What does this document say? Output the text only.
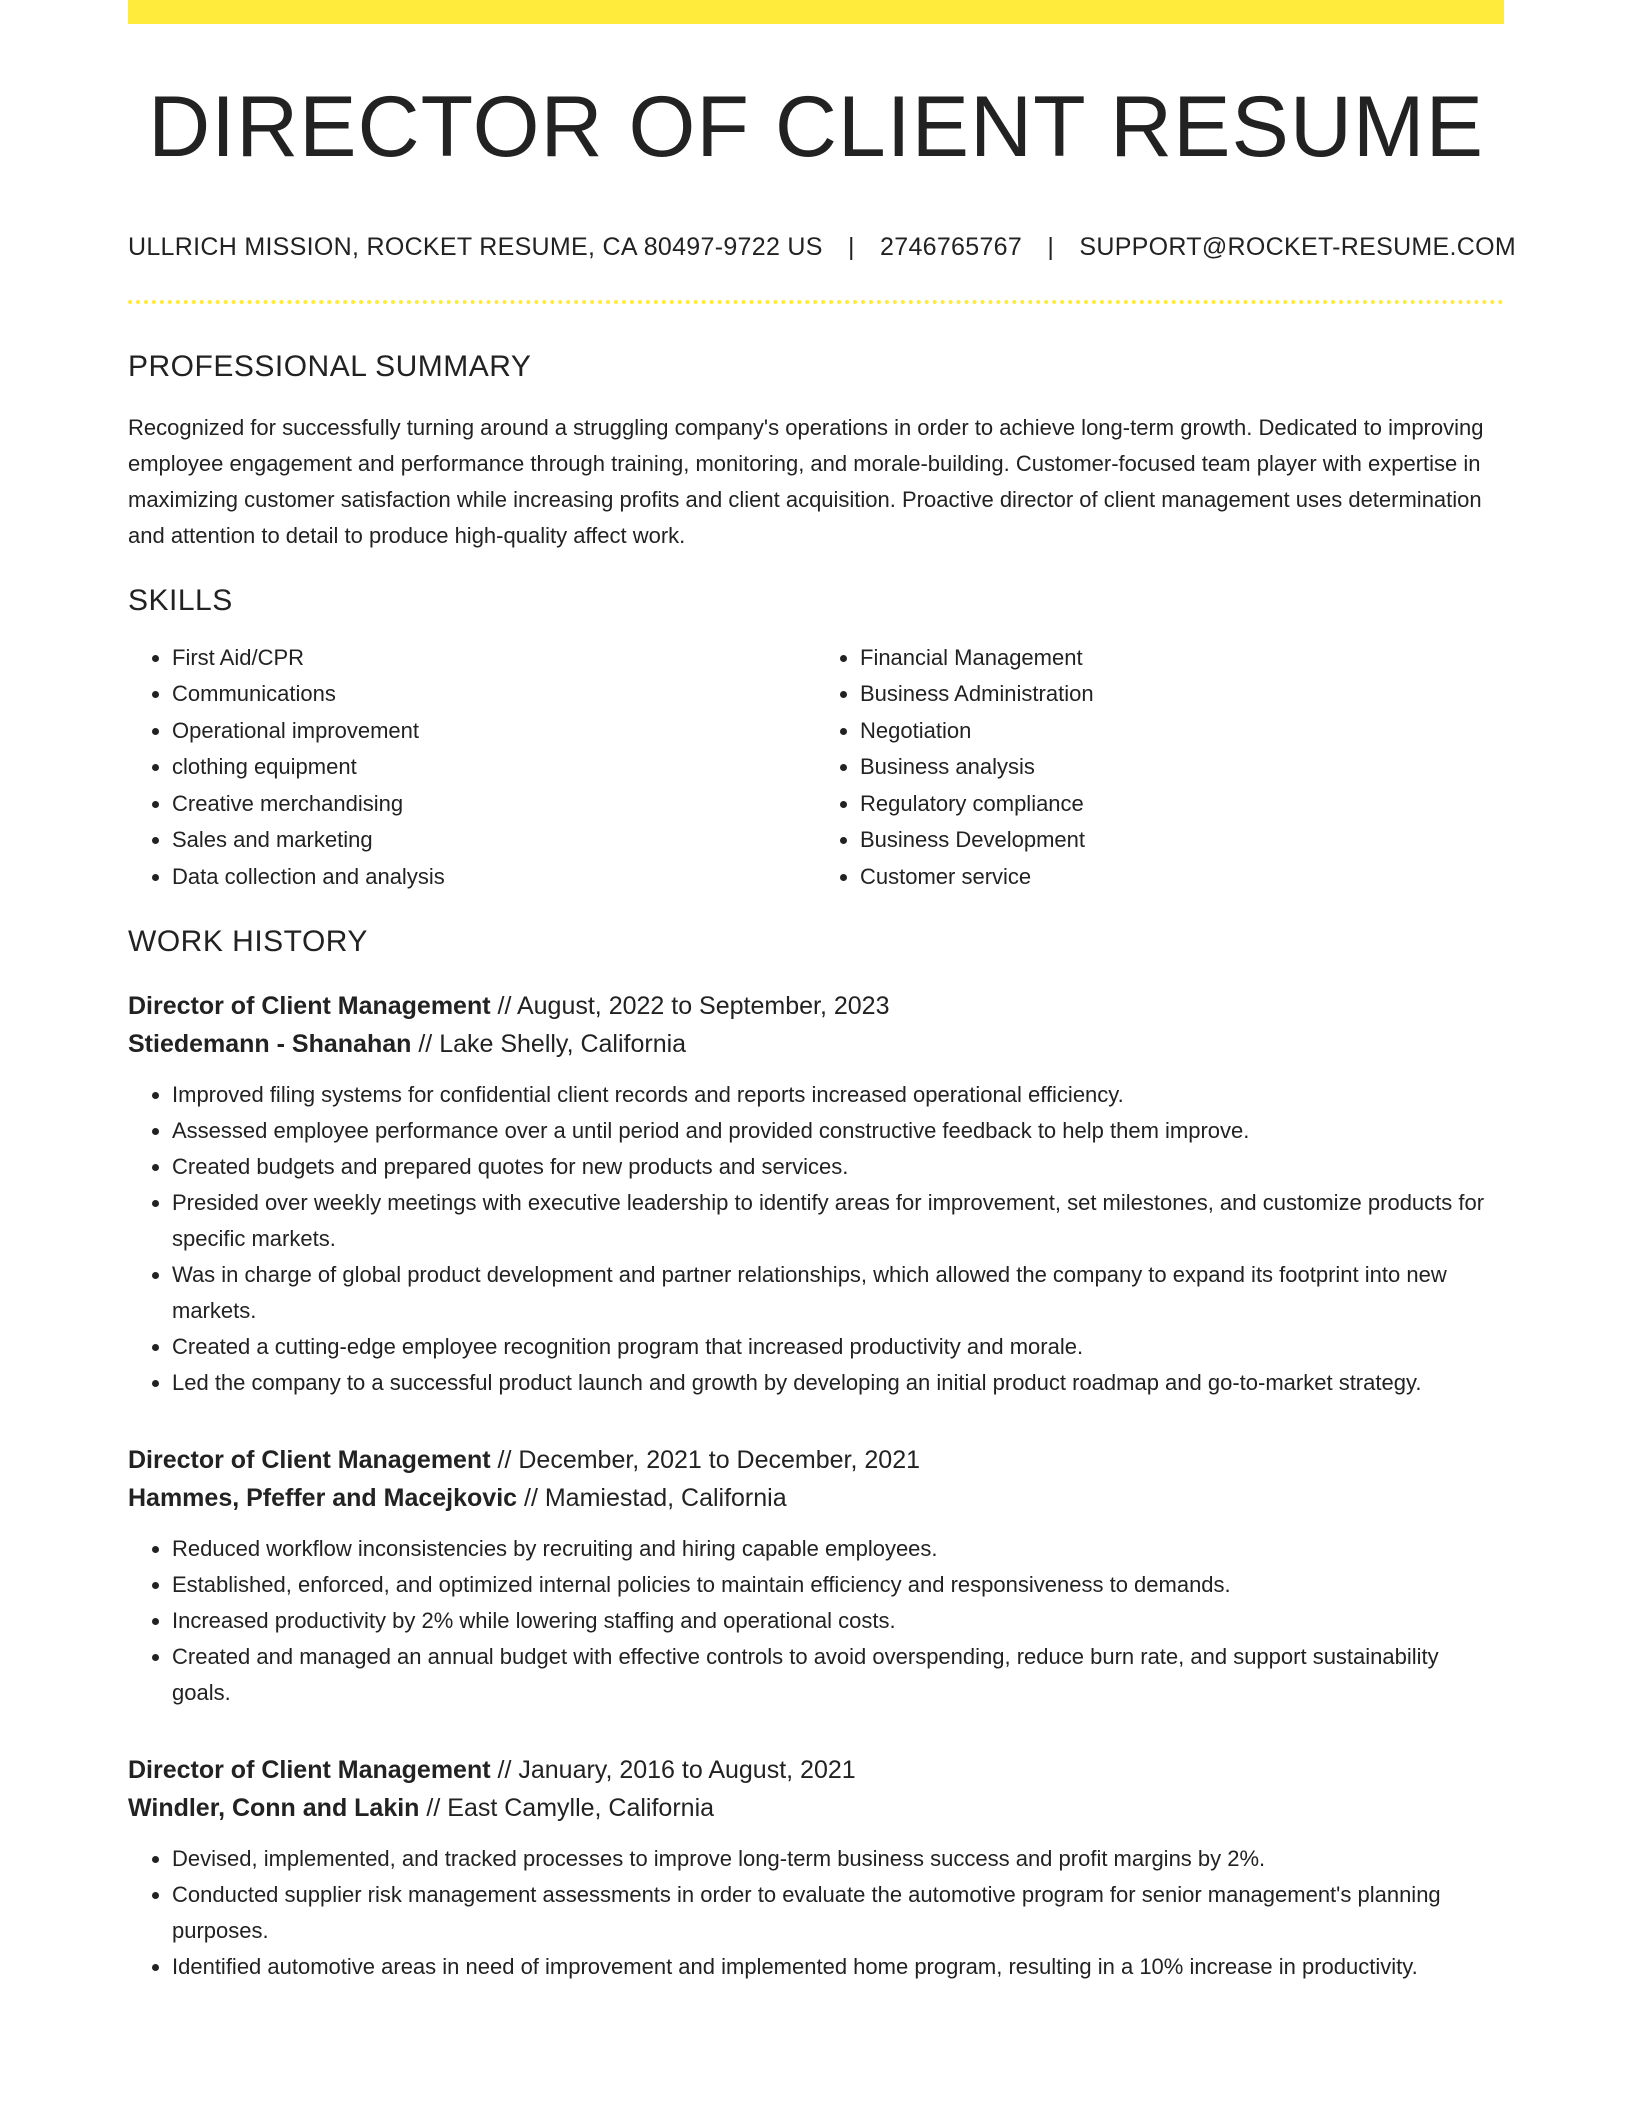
DIRECTOR OF CLIENT RESUME
ULLRICH MISSION, ROCKET RESUME, CA 80497-9722 US | 2746765767 | SUPPORT@ROCKET-RESUME.COM
PROFESSIONAL SUMMARY

Recognized for successfully turning around a struggling company's operations in order to achieve long-term growth. Dedicated to improving employee engagement and performance through training, monitoring, and morale-building. Customer-focused team player with expertise in maximizing customer satisfaction while increasing profits and client acquisition. Proactive director of client management uses determination and attention to detail to produce high-quality affect work.

SKILLS
• First Aid/CPR
• Communications
• Operational improvement
• clothing equipment
• Creative merchandising
• Sales and marketing
• Data collection and analysis
• Financial Management
• Business Administration
• Negotiation
• Business analysis
• Regulatory compliance
• Business Development
• Customer service
WORK HISTORY
Director of Client Management // August, 2022 to September, 2023
Stiedemann - Shanahan // Lake Shelly, California
• Improved filing systems for confidential client records and reports increased operational efficiency.
• Assessed employee performance over a until period and provided constructive feedback to help them improve.
• Created budgets and prepared quotes for new products and services.
• Presided over weekly meetings with executive leadership to identify areas for improvement, set milestones, and customize products for specific markets.
• Was in charge of global product development and partner relationships, which allowed the company to expand its footprint into new markets.
• Created a cutting-edge employee recognition program that increased productivity and morale.
• Led the company to a successful product launch and growth by developing an initial product roadmap and go-to-market strategy.
Director of Client Management // December, 2021 to December, 2021
Hammes, Pfeffer and Macejkovic // Mamiestad, California
• Reduced workflow inconsistencies by recruiting and hiring capable employees.
• Established, enforced, and optimized internal policies to maintain efficiency and responsiveness to demands.
• Increased productivity by 2% while lowering staffing and operational costs.
• Created and managed an annual budget with effective controls to avoid overspending, reduce burn rate, and support sustainability goals.
Director of Client Management // January, 2016 to August, 2021
Windler, Conn and Lakin // East Camylle, California
• Devised, implemented, and tracked processes to improve long-term business success and profit margins by 2%.
• Conducted supplier risk management assessments in order to evaluate the automotive program for senior management's planning purposes.
• Identified automotive areas in need of improvement and implemented home program, resulting in a 10% increase in productivity.
